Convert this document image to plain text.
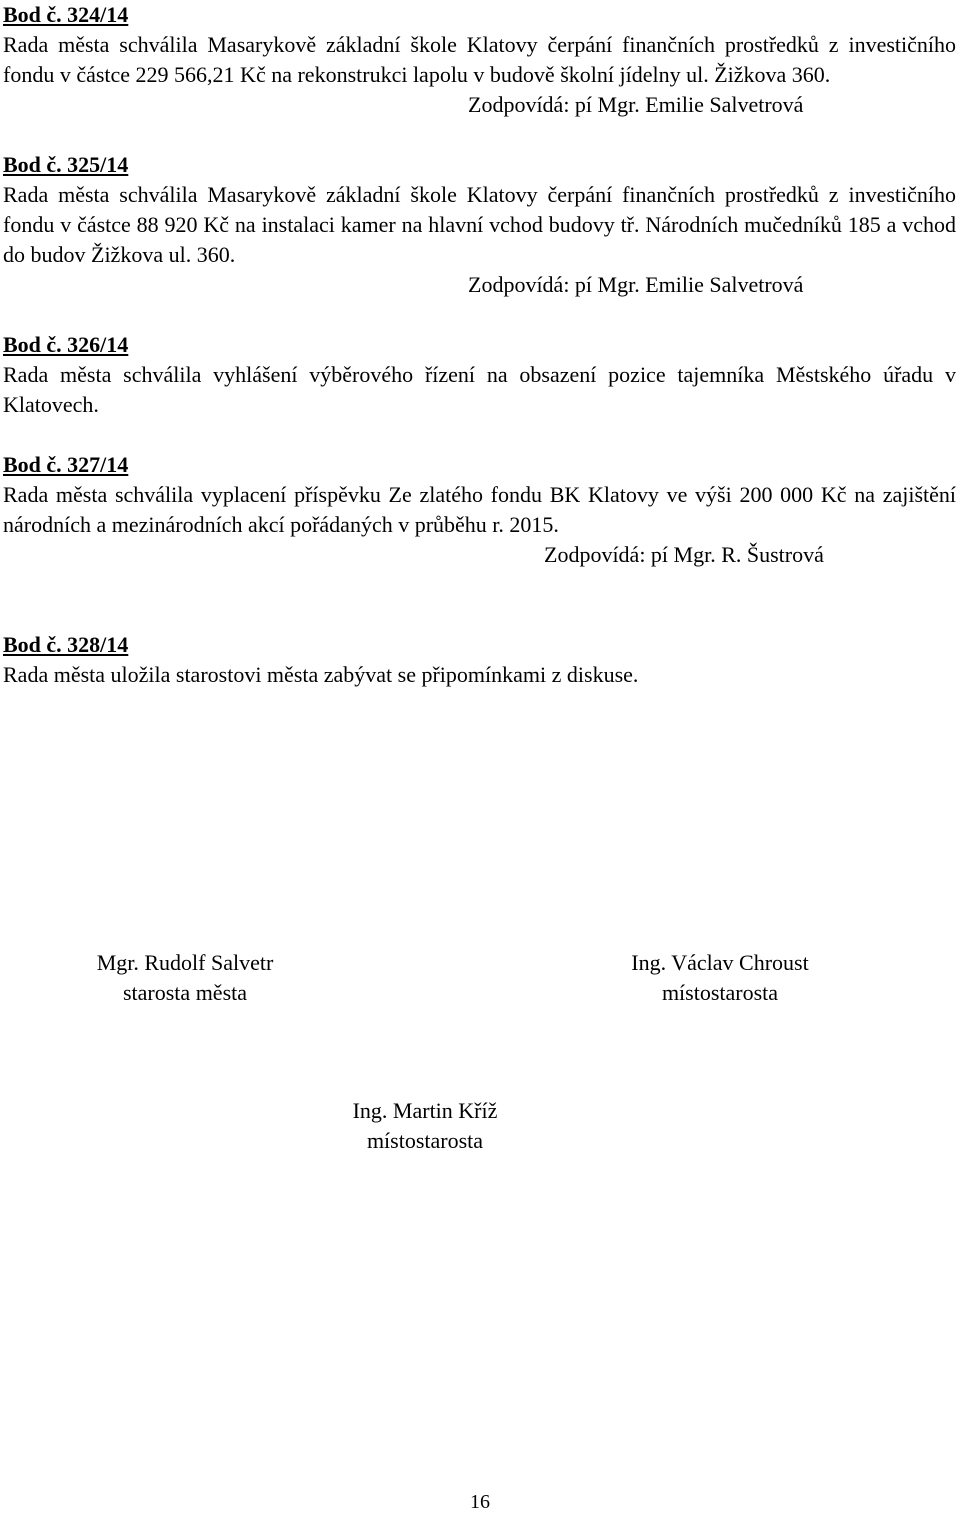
Bod č. 324/14
Rada města schválila Masarykově základní škole Klatovy čerpání finančních prostředků z investičního fondu v částce 229 566,21 Kč na rekonstrukci lapolu v budově školní jídelny ul. Žižkova 360.
Zodpovídá: pí Mgr. Emilie Salvetrová
Bod č. 325/14
Rada města schválila Masarykově základní škole Klatovy čerpání finančních prostředků z investičního fondu v částce 88 920 Kč na instalaci kamer na hlavní vchod budovy tř. Národních mučedníků 185 a vchod do budov Žižkova ul. 360.
Zodpovídá: pí Mgr. Emilie Salvetrová
Bod č. 326/14
Rada města schválila vyhlášení výběrového řízení na obsazení pozice tajemníka Městského úřadu v Klatovech.
Bod č. 327/14
Rada města schválila vyplacení příspěvku Ze zlatého fondu BK Klatovy ve výši 200 000 Kč na zajištění národních a mezinárodních akcí pořádaných v průběhu r. 2015.
Zodpovídá: pí Mgr. R. Šustrová
Bod č. 328/14
Rada města uložila starostovi města zabývat se připomínkami z diskuse.
Mgr. Rudolf Salvetr
starosta města
Ing. Václav Chroust
místostarosta
Ing. Martin Kříž
místostarosta
16
